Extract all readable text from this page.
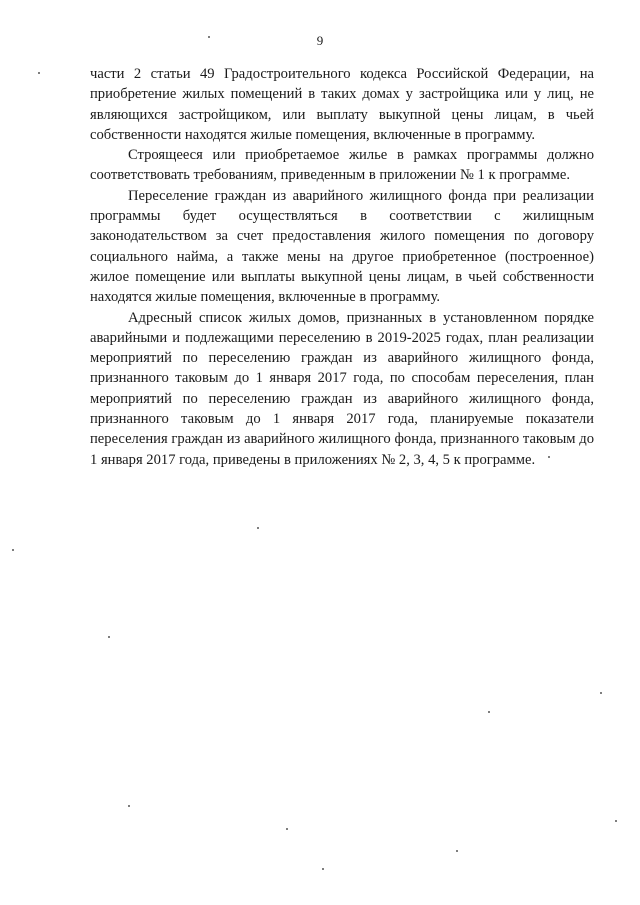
9

части 2 статьи 49 Градостроительного кодекса Российской Федерации, на приобретение жилых помещений в таких домах у застройщика или у лиц, не являющихся застройщиком, или выплату выкупной цены лицам, в чьей собственности находятся жилые помещения, включенные в программу.

Строящееся или приобретаемое жилье в рамках программы должно соответствовать требованиям, приведенным в приложении № 1 к программе.

Переселение граждан из аварийного жилищного фонда при реализации программы будет осуществляться в соответствии с жилищным законодательством за счет предоставления жилого помещения по договору социального найма, а также мены на другое приобретенное (построенное) жилое помещение или выплаты выкупной цены лицам, в чьей собственности находятся жилые помещения, включенные в программу.

Адресный список жилых домов, признанных в установленном порядке аварийными и подлежащими переселению в 2019-2025 годах, план реализации мероприятий по переселению граждан из аварийного жилищного фонда, признанного таковым до 1 января 2017 года, по способам переселения, план мероприятий по переселению граждан из аварийного жилищного фонда, признанного таковым до 1 января 2017 года, планируемые показатели переселения граждан из аварийного жилищного фонда, признанного таковым до 1 января 2017 года, приведены в приложениях № 2, 3, 4, 5 к программе.
